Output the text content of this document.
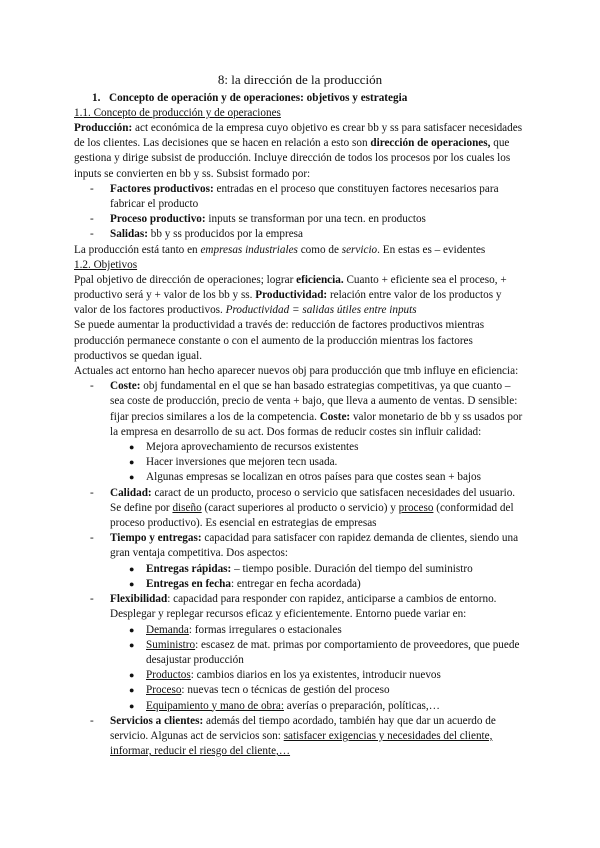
8: la dirección de la producción
1. Concepto de operación y de operaciones: objetivos y estrategia
1.1. Concepto de producción y de operaciones

Producción: act económica de la empresa cuyo objetivo es crear bb y ss para satisfacer necesidades de los clientes. Las decisiones que se hacen en relación a esto son dirección de operaciones, que gestiona y dirige subsist de producción. Incluye dirección de todos los procesos por los cuales los inputs se convierten en bb y ss. Subsist formado por:

- Factores productivos: entradas en el proceso que constituyen factores necesarios para fabricar el producto
- Proceso productivo: inputs se transforman por una tecn. en productos
- Salidas: bb y ss producidos por la empresa

La producción está tanto en empresas industriales como de servicio. En estas es – evidentes

1.2. Objetivos

Ppal objetivo de dirección de operaciones; lograr eficiencia. Cuanto + eficiente sea el proceso, + productivo será y + valor de los bb y ss. Productividad: relación entre valor de los productos y valor de los factores productivos. Productividad = salidas útiles entre inputs

Se puede aumentar la productividad a través de: reducción de factores productivos mientras producción permanece constante o con el aumento de la producción mientras los factores productivos se quedan igual.

Actuales act entorno han hecho aparecer nuevos obj para producción que tmb influye en eficiencia:

- Coste: obj fundamental en el que se han basado estrategias competitivas, ya que cuanto – sea coste de producción, precio de venta + bajo, que lleva a aumento de ventas. D sensible: fijar precios similares a los de la competencia. Coste: valor monetario de bb y ss usados por la empresa en desarrollo de su act. Dos formas de reducir costes sin influir calidad:
● Mejora aprovechamiento de recursos existentes
● Hacer inversiones que mejoren tecn usada.
● Algunas empresas se localizan en otros países para que costes sean + bajos
- Calidad: caract de un producto, proceso o servicio que satisfacen necesidades del usuario. Se define por diseño (caract superiores al producto o servicio) y proceso (conformidad del proceso productivo). Es esencial en estrategias de empresas
- Tiempo y entregas: capacidad para satisfacer con rapidez demanda de clientes, siendo una gran ventaja competitiva. Dos aspectos:
● Entregas rápidas: – tiempo posible. Duración del tiempo del suministro
● Entregas en fecha: entregar en fecha acordada)
- Flexibilidad: capacidad para responder con rapidez, anticiparse a cambios de entorno. Desplegar y replegar recursos eficaz y eficientemente. Entorno puede variar en:
● Demanda: formas irregulares o estacionales
● Suministro: escasez de mat. primas por comportamiento de proveedores, que puede desajustar producción
● Productos: cambios diarios en los ya existentes, introducir nuevos
● Proceso: nuevas tecn o técnicas de gestión del proceso
● Equipamiento y mano de obra: averías o preparación, políticas,…
- Servicios a clientes: además del tiempo acordado, también hay que dar un acuerdo de servicio. Algunas act de servicios son: satisfacer exigencias y necesidades del cliente, informar, reducir el riesgo del cliente,…
